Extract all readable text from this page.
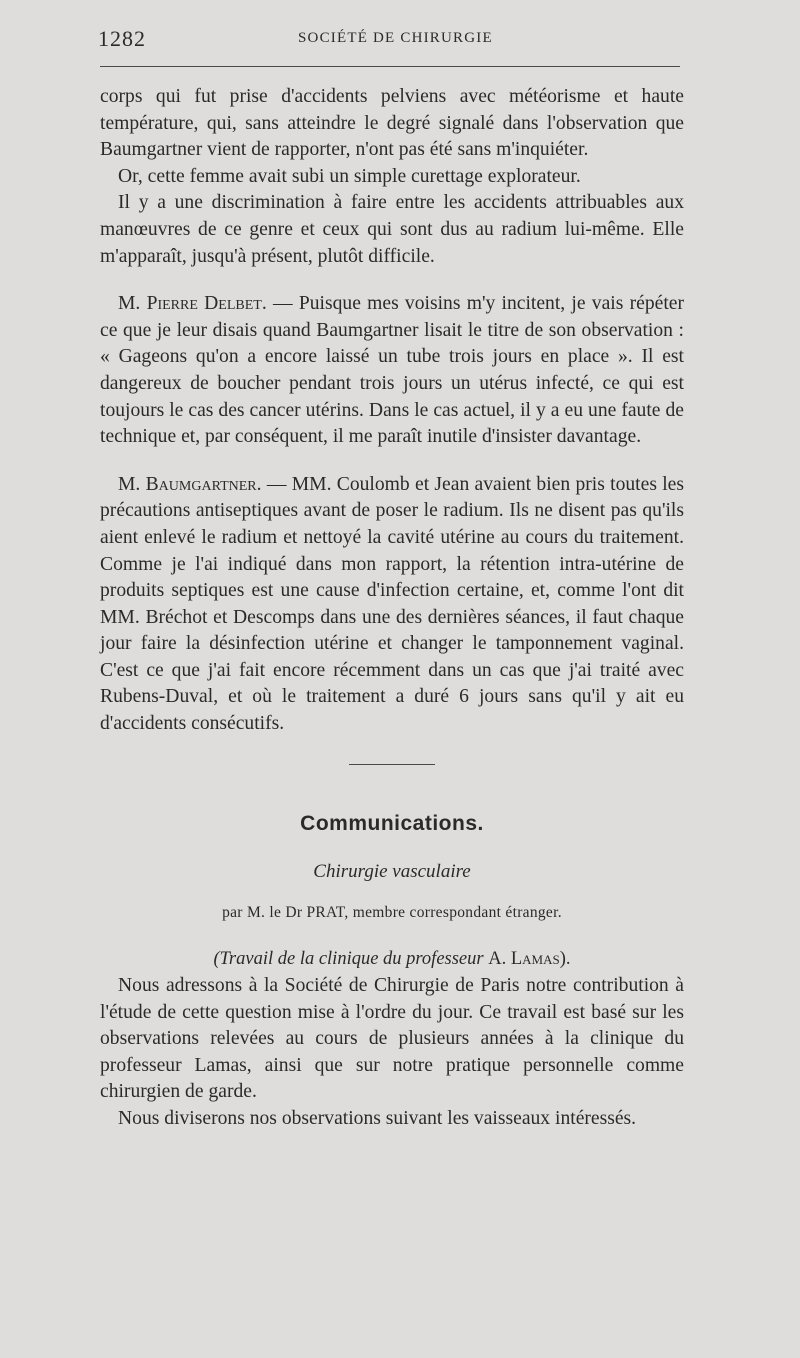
1282	SOCIÉTÉ DE CHIRURGIE

corps qui fut prise d'accidents pelviens avec météorisme et haute température, qui, sans atteindre le degré signalé dans l'observation que Baumgartner vient de rapporter, n'ont pas été sans m'inquiéter.

Or, cette femme avait subi un simple curettage explorateur.

Il y a une discrimination à faire entre les accidents attribuables aux manœuvres de ce genre et ceux qui sont dus au radium lui-même. Elle m'apparaît, jusqu'à présent, plutôt difficile.

M. Pierre Delbet. — Puisque mes voisins m'y incitent, je vais répéter ce que je leur disais quand Baumgartner lisait le titre de son observation : « Gageons qu'on a encore laissé un tube trois jours en place ». Il est dangereux de boucher pendant trois jours un utérus infecté, ce qui est toujours le cas des cancer utérins. Dans le cas actuel, il y a eu une faute de technique et, par conséquent, il me paraît inutile d'insister davantage.

M. Baumgartner. — MM. Coulomb et Jean avaient bien pris toutes les précautions antiseptiques avant de poser le radium. Ils ne disent pas qu'ils aient enlevé le radium et nettoyé la cavité utérine au cours du traitement. Comme je l'ai indiqué dans mon rapport, la rétention intra-utérine de produits septiques est une cause d'infection certaine, et, comme l'ont dit MM. Bréchot et Descomps dans une des dernières séances, il faut chaque jour faire la désinfection utérine et changer le tamponnement vaginal. C'est ce que j'ai fait encore récemment dans un cas que j'ai traité avec Rubens-Duval, et où le traitement a duré 6 jours sans qu'il y ait eu d'accidents consécutifs.

Communications.
Chirurgie vasculaire
par M. le Dr PRAT, membre correspondant étranger.
(Travail de la clinique du professeur A. Lamas).

Nous adressons à la Société de Chirurgie de Paris notre contribution à l'étude de cette question mise à l'ordre du jour. Ce travail est basé sur les observations relevées au cours de plusieurs années à la clinique du professeur Lamas, ainsi que sur notre pratique personnelle comme chirurgien de garde.

Nous diviserons nos observations suivant les vaisseaux intéressés.
